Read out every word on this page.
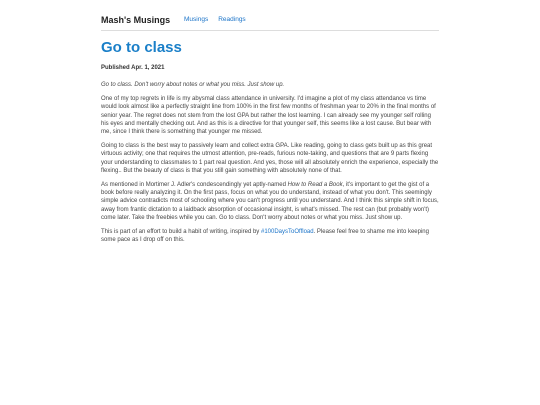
Mash's Musings Musings Readings
Go to class
Published Apr. 1, 2021

Go to class. Don't worry about notes or what you miss. Just show up.

One of my top regrets in life is my abysmal class attendance in university. I'd imagine a plot of my class attendance vs time would look almost like a perfectly straight line from 100% in the first few months of freshman year to 20% in the final months of senior year. The regret does not stem from the lost GPA but rather the lost learning. I can already see my younger self rolling his eyes and mentally checking out. And as this is a directive for that younger self, this seems like a lost cause. But bear with me, since I think there is something that younger me missed.

Going to class is the best way to passively learn and collect extra GPA. Like reading, going to class gets built up as this great virtuous activity; one that requires the utmost attention, pre-reads, furious note-taking, and questions that are 9 parts flexing your understanding to classmates to 1 part real question. And yes, those will all absolutely enrich the experience, especially the flexing.. But the beauty of class is that you still gain something with absolutely none of that.

As mentioned in Mortimer J. Adler's condescendingly yet aptly-named How to Read a Book, it's important to get the gist of a book before really analyzing it. On the first pass, focus on what you do understand, instead of what you don't. This seemingly simple advice contradicts most of schooling where you can't progress until you understand. And I think this simple shift in focus, away from frantic dictation to a laidback absorption of occasional insight, is what's missed. The rest can (but probably won't) come later. Take the freebies while you can. Go to class. Don't worry about notes or what you miss. Just show up.

This is part of an effort to build a habit of writing, inspired by #100DaysToOffload. Please feel free to shame me into keeping some pace as I drop off on this.
